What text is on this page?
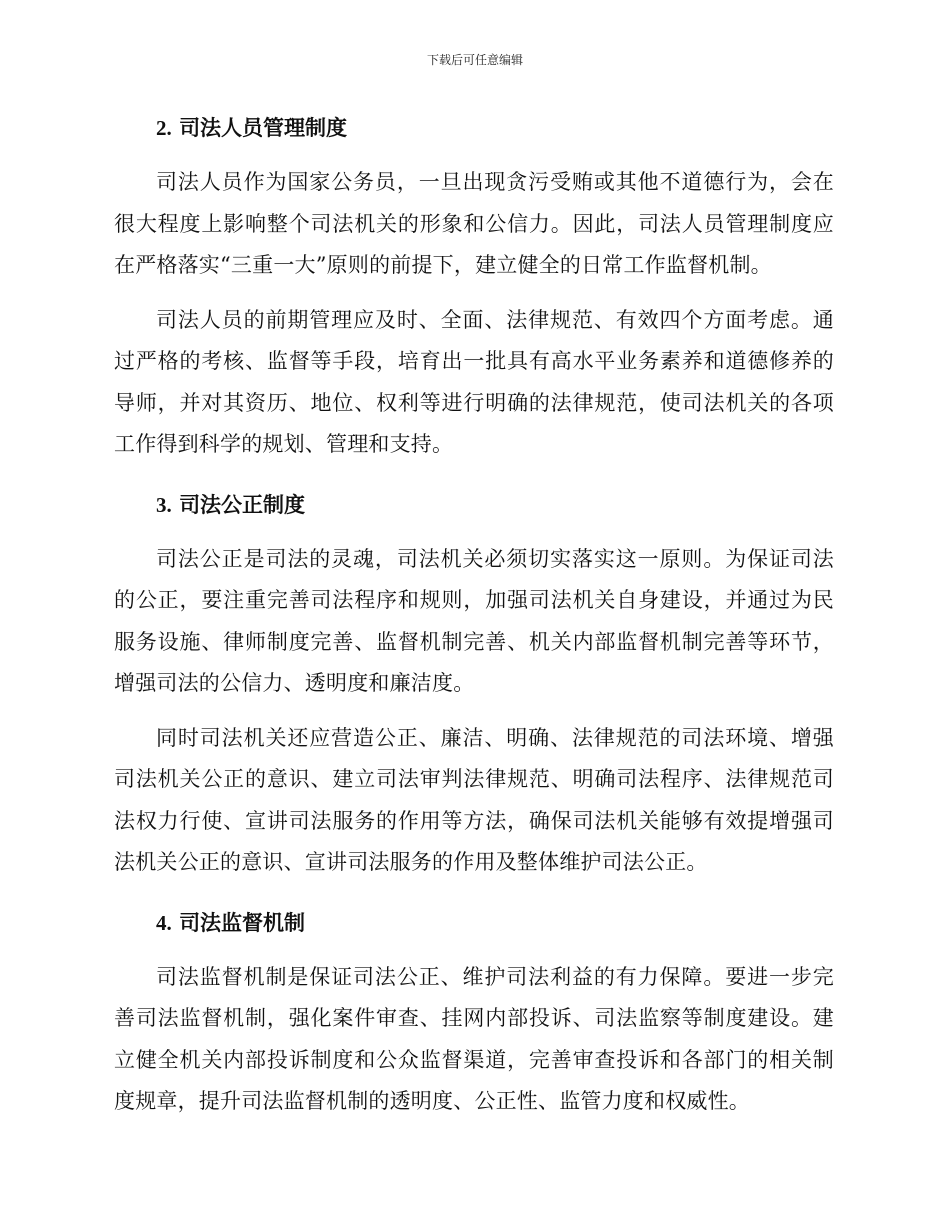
下载后可任意编辑
2. 司法人员管理制度

司法人员作为国家公务员，一旦出现贪污受贿或其他不道德行为，会在很大程度上影响整个司法机关的形象和公信力。因此，司法人员管理制度应在严格落实“三重一大”原则的前提下，建立健全的日常工作监督机制。

司法人员的前期管理应及时、全面、法律规范、有效四个方面考虑。通过严格的考核、监督等手段，培育出一批具有高水平业务素养和道德修养的导师，并对其资历、地位、权利等进行明确的法律规范，使司法机关的各项工作得到科学的规划、管理和支持。

3. 司法公正制度

司法公正是司法的灵魂，司法机关必须切实落实这一原则。为保证司法的公正，要注重完善司法程序和规则，加强司法机关自身建设，并通过为民服务设施、律师制度完善、监督机制完善、机关内部监督机制完善等环节，增强司法的公信力、透明度和廉洁度。

同时司法机关还应营造公正、廉洁、明确、法律规范的司法环境、增强司法机关公正的意识、建立司法审判法律规范、明确司法程序、法律规范司法权力行使、宣讲司法服务的作用等方法，确保司法机关能够有效提增强司法机关公正的意识、宣讲司法服务的作用及整体维护司法公正。

4. 司法监督机制

司法监督机制是保证司法公正、维护司法利益的有力保障。要进一步完善司法监督机制，强化案件审查、挂网内部投诉、司法监察等制度建设。建立健全机关内部投诉制度和公众监督渠道，完善审查投诉和各部门的相关制度规章，提升司法监督机制的透明度、公正性、监管力度和权威性。
